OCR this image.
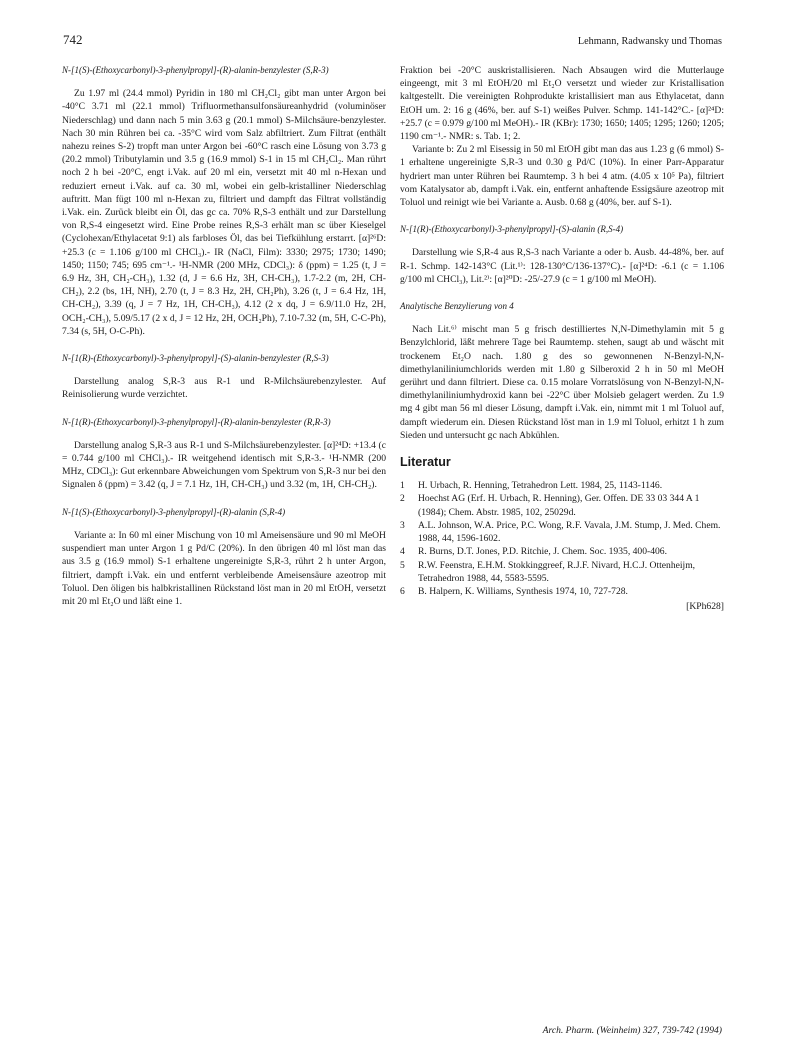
742	Lehmann, Radwansky und Thomas

N-[1(S)-(Ethoxycarbonyl)-3-phenylpropyl]-(R)-alanin-benzylester (S,R-3)

Zu 1.97 ml (24.4 mmol) Pyridin in 180 ml CH₂Cl₂ gibt man unter Argon bei -40°C 3.71 ml (22.1 mmol) Trifluormethansulfonsäureanhydrid (voluminöser Niederschlag) und dann nach 5 min 3.63 g (20.1 mmol) S-Milchsäure-benzylester. Nach 30 min Rühren bei ca. -35°C wird vom Salz abfiltriert. Zum Filtrat (enthält nahezu reines S-2) tropft man unter Argon bei -60°C rasch eine Lösung von 3.73 g (20.2 mmol) Tributylamin und 3.5 g (16.9 mmol) S-1 in 15 ml CH₂Cl₂. Man rührt noch 2 h bei -20°C, engt i.Vak. auf 20 ml ein, versetzt mit 40 ml n-Hexan und reduziert erneut i.Vak. auf ca. 30 ml, wobei ein gelb-kristalliner Niederschlag auftritt. Man fügt 100 ml n-Hexan zu, filtriert und dampft das Filtrat vollständig i.Vak. ein. Zurück bleibt ein Öl, das gc ca. 70% R,S-3 enthält und zur Darstellung von R,S-4 eingesetzt wird. Eine Probe reines R,S-3 erhält man sc über Kieselgel (Cyclohexan/Ethylacetat 9:1) als farbloses Öl, das bei Tiefkühlung erstarrt. [α]²⁶D: +25.3 (c = 1.106 g/100 ml CHCl₃).- IR (NaCl, Film): 3330; 2975; 1730; 1490; 1450; 1150; 745; 695 cm⁻¹.- ¹H-NMR (200 MHz, CDCl₃): δ (ppm) = 1.25 (t, J = 6.9 Hz, 3H, CH₂-CH₃), 1.32 (d, J = 6.6 Hz, 3H, CH-CH₃), 1.7-2.2 (m, 2H, CH-CH₂), 2.2 (bs, 1H, NH), 2.70 (t, J = 8.3 Hz, 2H, CH₂Ph), 3.26 (t, J = 6.4 Hz, 1H, CH-CH₂), 3.39 (q, J = 7 Hz, 1H, CH-CH₃), 4.12 (2 x dq, J = 6.9/11.0 Hz, 2H, OCH₂-CH₃), 5.09/5.17 (2 x d, J = 12 Hz, 2H, OCH₂Ph), 7.10-7.32 (m, 5H, C-C-Ph), 7.34 (s, 5H, O-C-Ph).

N-[1(R)-(Ethoxycarbonyl)-3-phenylpropyl]-(S)-alanin-benzylester (R,S-3)

Darstellung analog S,R-3 aus R-1 und R-Milchsäurebenzylester. Auf Reinisolierung wurde verzichtet.

N-[1(R)-(Ethoxycarbonyl)-3-phenylpropyl]-(R)-alanin-benzylester (R,R-3)

Darstellung analog S,R-3 aus R-1 und S-Milchsäurebenzylester. [α]²⁴D: +13.4 (c = 0.744 g/100 ml CHCl₃).- IR weitgehend identisch mit S,R-3.- ¹H-NMR (200 MHz, CDCl₃): Gut erkennbare Abweichungen vom Spektrum von S,R-3 nur bei den Signalen δ (ppm) = 3.42 (q, J = 7.1 Hz, 1H, CH-CH₃) und 3.32 (m, 1H, CH-CH₂).

N-[1(S)-(Ethoxycarbonyl)-3-phenylpropyl]-(R)-alanin (S,R-4)

Variante a: In 60 ml einer Mischung von 10 ml Ameisensäure und 90 ml MeOH suspendiert man unter Argon 1 g Pd/C (20%). In den übrigen 40 ml löst man das aus 3.5 g (16.9 mmol) S-1 erhaltene ungereinigte S,R-3, rührt 2 h unter Argon, filtriert, dampft i.Vak. ein und entfernt verbleibende Ameisensäure azeotrop mit Toluol. Den öligen bis halbkristallinen Rückstand löst man in 20 ml EtOH, versetzt mit 20 ml Et₂O und läßt eine 1.

Fraktion bei -20°C auskristallisieren. Nach Absaugen wird die Mutterlauge eingeengt, mit 3 ml EtOH/20 ml Et₂O versetzt und wieder zur Kristallisation kaltgestellt. Die vereinigten Rohprodukte kristallisiert man aus Ethylacetat, dann EtOH um. 2: 16 g (46%, ber. auf S-1) weißes Pulver. Schmp. 141-142°C.- [α]²⁴D: +25.7 (c = 0.979 g/100 ml MeOH).- IR (KBr): 1730; 1650; 1405; 1295; 1260; 1205; 1190 cm⁻¹.- NMR: s. Tab. 1; 2.

Variante b: Zu 2 ml Eisessig in 50 ml EtOH gibt man das aus 1.23 g (6 mmol) S-1 erhaltene ungereinigte S,R-3 und 0.30 g Pd/C (10%). In einer Parr-Apparatur hydriert man unter Rühren bei Raumtemp. 3 h bei 4 atm. (4.05 x 10⁵ Pa), filtriert vom Katalysator ab, dampft i.Vak. ein, entfernt anhaftende Essigsäure azeotrop mit Toluol und reinigt wie bei Variante a. Ausb. 0.68 g (40%, ber. auf S-1).

N-[1(R)-(Ethoxycarbonyl)-3-phenylpropyl]-(S)-alanin (R,S-4)

Darstellung wie S,R-4 aus R,S-3 nach Variante a oder b. Ausb. 44-48%, ber. auf R-1. Schmp. 142-143°C (Lit.¹⁾: 128-130°C/136-137°C).- [α]²⁴D: -6.1 (c = 1.106 g/100 ml CHCl₃), Lit.²⁾: [α]²⁰D: -25/-27.9 (c = 1 g/100 ml MeOH).

Analytische Benzylierung von 4

Nach Lit.⁶⁾ mischt man 5 g frisch destilliertes N,N-Dimethylamin mit 5 g Benzylchlorid, läßt mehrere Tage bei Raumtemp. stehen, saugt ab und wäscht mit trockenem Et₂O nach. 1.80 g des so gewonnenen N-Benzyl-N,N-dimethylaniliniumchlorids werden mit 1.80 g Silberoxid 2 h in 50 ml MeOH gerührt und dann filtriert. Diese ca. 0.15 molare Vorratslösung von N-Benzyl-N,N-dimethylaniliniumhydroxid kann bei -22°C über Molsieb gelagert werden. Zu 1.9 mg 4 gibt man 56 ml dieser Lösung, dampft i.Vak. ein, nimmt mit 1 ml Toluol auf, dampft wiederum ein. Diesen Rückstand löst man in 1.9 ml Toluol, erhitzt 1 h zum Sieden und untersucht gc nach Abkühlen.

Literatur
1	H. Urbach, R. Henning, Tetrahedron Lett. 1984, 25, 1143-1146.
2	Hoechst AG (Erf. H. Urbach, R. Henning), Ger. Offen. DE 33 03 344 A 1 (1984); Chem. Abstr. 1985, 102, 25029d.
3	A.L. Johnson, W.A. Price, P.C. Wong, R.F. Vavala, J.M. Stump, J. Med. Chem. 1988, 44, 1596-1602.
4	R. Burns, D.T. Jones, P.D. Ritchie, J. Chem. Soc. 1935, 400-406.
5	R.W. Feenstra, E.H.M. Stokkinggreef, R.J.F. Nivard, H.C.J. Ottenheijm, Tetrahedron 1988, 44, 5583-5595.
6	B. Halpern, K. Williams, Synthesis 1974, 10, 727-728.
[KPh628]
Arch. Pharm. (Weinheim) 327, 739-742 (1994)
